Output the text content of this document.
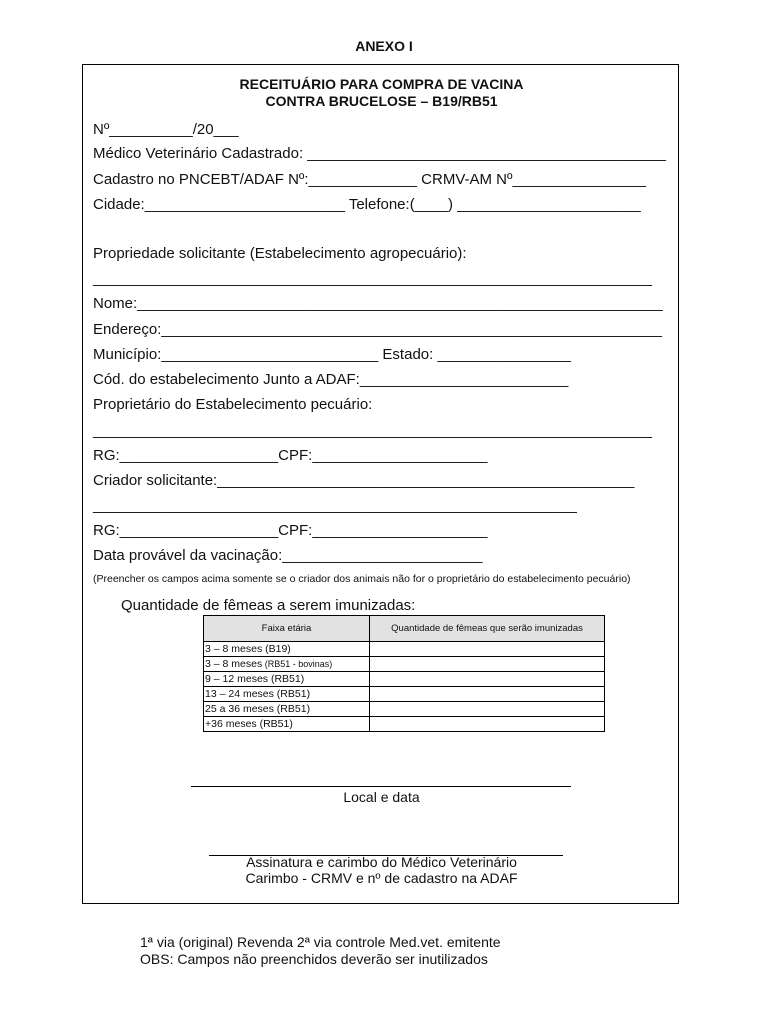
ANEXO I
RECEITUÁRIO PARA COMPRA DE VACINA
CONTRA BRUCELOSE – B19/RB51
Nº__________/20___
Médico Veterinário Cadastrado: ___________________________________________
Cadastro no PNCEBT/ADAF Nº:_____________ CRMV-AM Nº________________
Cidade:________________________ Telefone:(____) ______________________
Propriedade solicitante (Estabelecimento agropecuário):
___________________________________________________________________
Nome:_______________________________________________________________
Endereço:____________________________________________________________
Município:__________________________ Estado: ________________
Cód. do estabelecimento Junto a ADAF:_________________________
Proprietário do Estabelecimento pecuário:
___________________________________________________________________
RG:___________________CPF:_____________________
Criador solicitante:__________________________________________________
__________________________________________________________
RG:___________________CPF:_____________________
Data provável da vacinação:________________________
(Preencher os campos acima somente se o criador dos animais não for o proprietário do estabelecimento pecuário)
Quantidade de fêmeas a serem imunizadas:
Faixa etária	Quantidade de fêmeas que serão imunizadas
3 – 8 meses (B19)	
3 – 8 meses (RB51 - bovinas)	
9 – 12 meses (RB51)	
13 – 24 meses (RB51)	
25 a 36 meses (RB51)	
+36 meses (RB51)	
Local e data
Assinatura e carimbo do Médico Veterinário
Carimbo - CRMV e nº de cadastro na ADAF
1ª via (original) Revenda 2ª via controle Med.vet. emitente
OBS: Campos não preenchidos deverão ser inutilizados
